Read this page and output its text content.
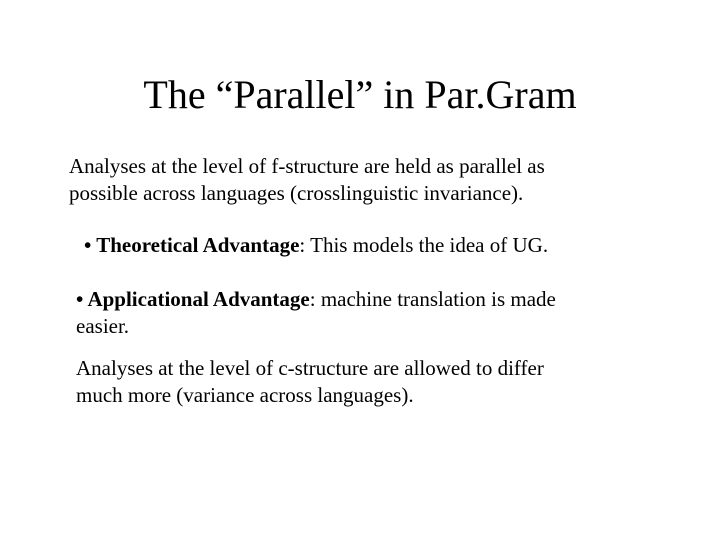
The “Parallel” in Par.Gram
Analyses at the level of f-structure are held as parallel as
possible across languages (crosslinguistic invariance).
• Theoretical Advantage: This models the idea of UG.
• Applicational Advantage: machine translation is made
easier.
Analyses at the level of c-structure are allowed to differ
much more (variance across languages).
